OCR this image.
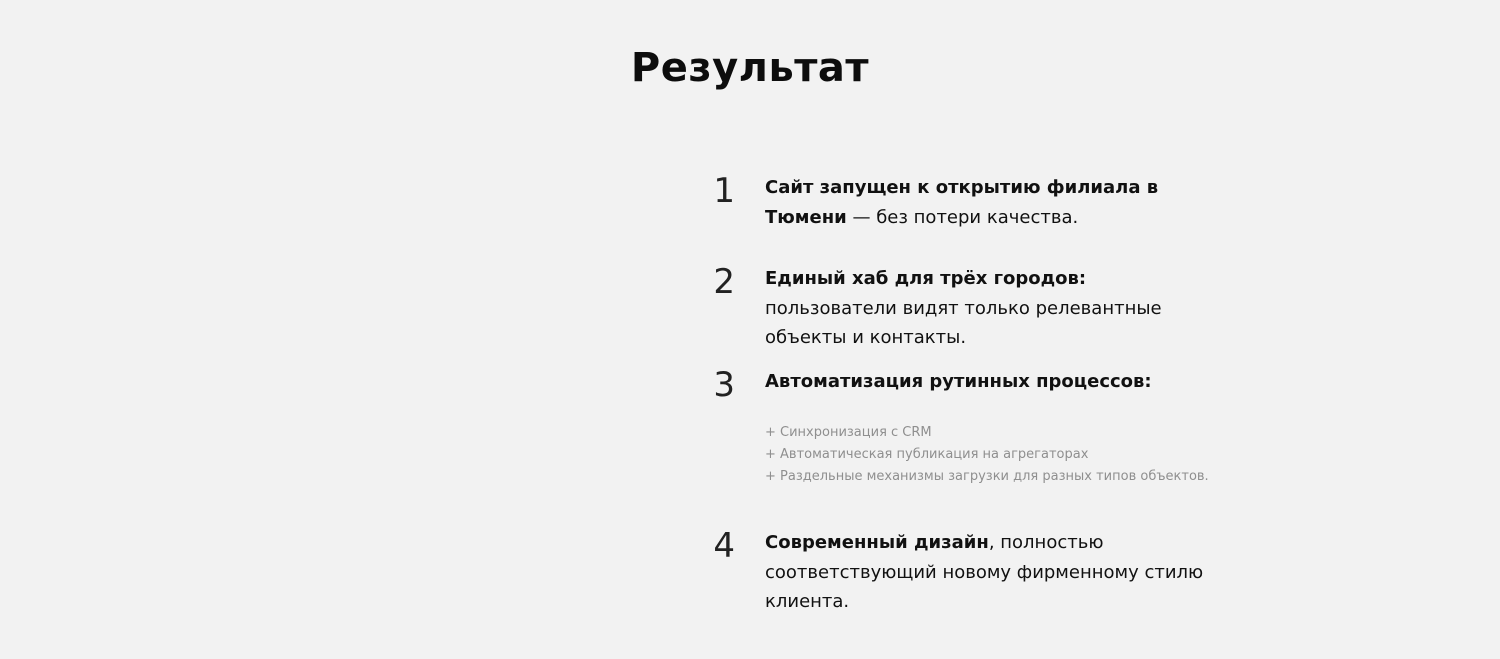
Результат
1 Сайт запущен к открытию филиала в Тюмени — без потери качества.
2 Единый хаб для трёх городов: пользователи видят только релевантные объекты и контакты.
3 Автоматизация рутинных процессов:
+ Синхронизация с CRM
+ Автоматическая публикация на агрегаторах
+ Раздельные механизмы загрузки для разных типов объектов.
4 Современный дизайн, полностью соответствующий новому фирменному стилю клиента.
